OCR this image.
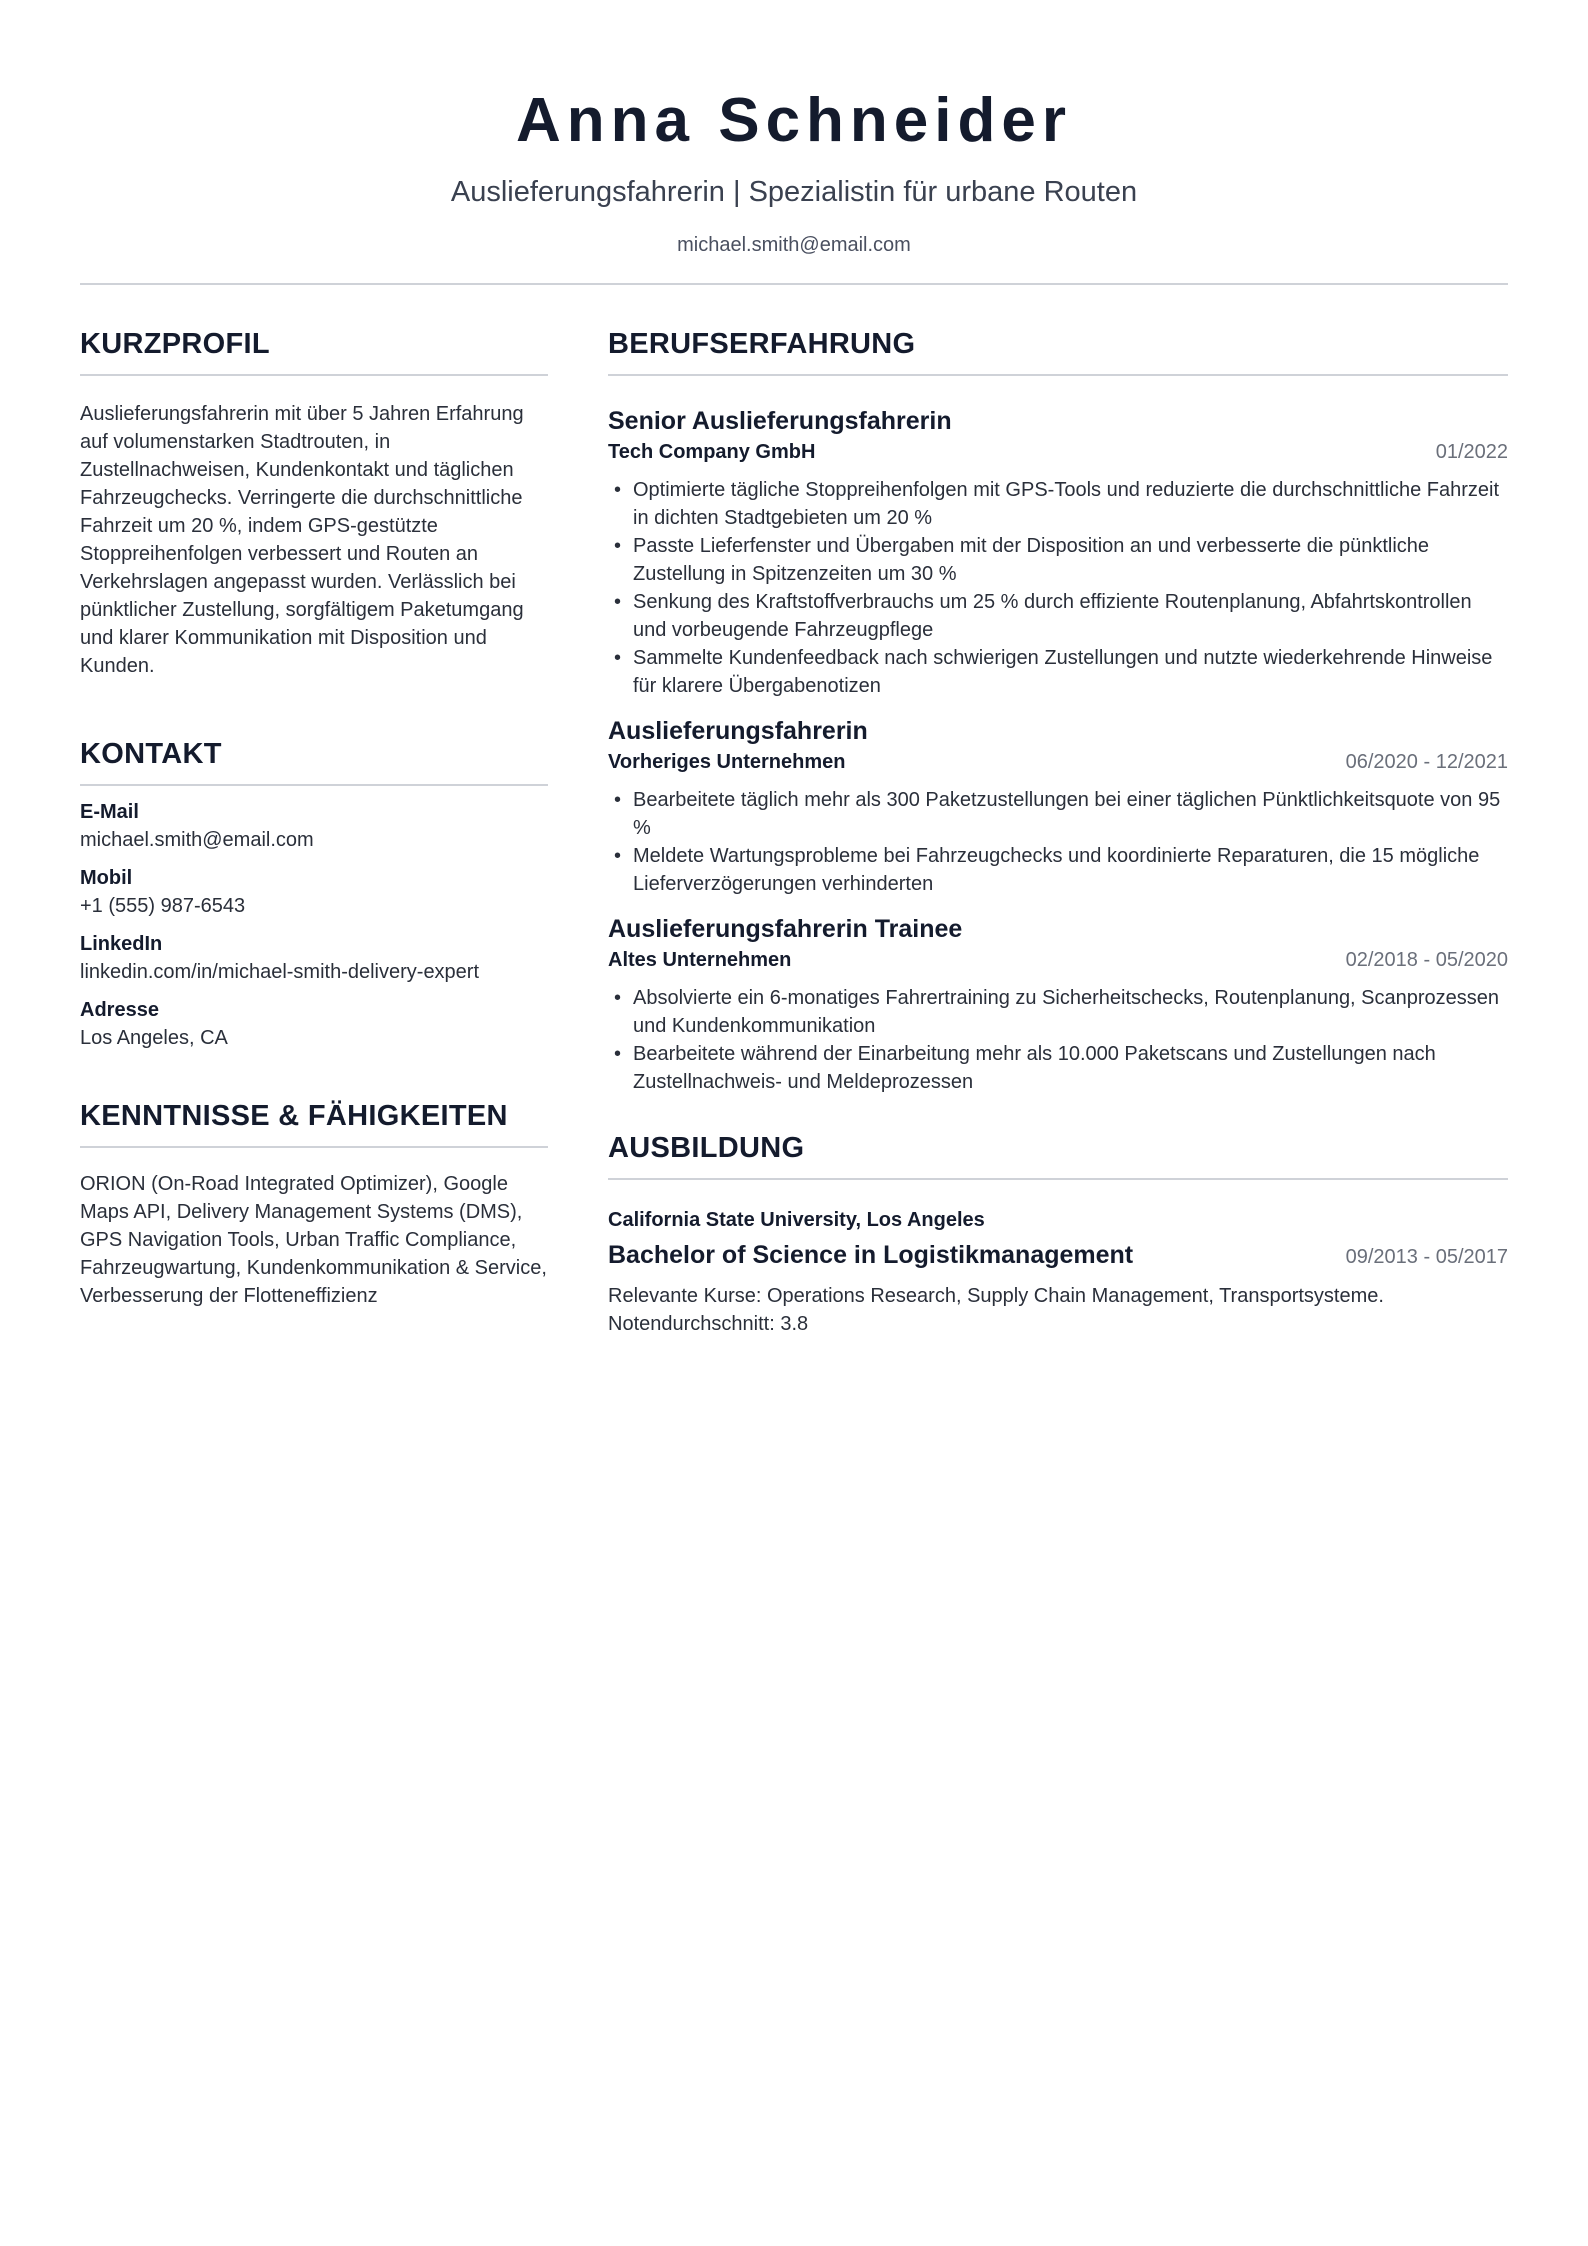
Anna Schneider
Auslieferungsfahrerin | Spezialistin für urbane Routen
michael.smith@email.com
KURZPROFIL
Auslieferungsfahrerin mit über 5 Jahren Erfahrung auf volumenstarken Stadtrouten, in Zustellnachweisen, Kundenkontakt und täglichen Fahrzeugchecks. Verringerte die durchschnittliche Fahrzeit um 20 %, indem GPS-gestützte Stoppreihenfolgen verbessert und Routen an Verkehrslagen angepasst wurden. Verlässlich bei pünktlicher Zustellung, sorgfältigem Paketumgang und klarer Kommunikation mit Disposition und Kunden.
KONTAKT
E-Mail
michael.smith@email.com
Mobil
+1 (555) 987-6543
LinkedIn
linkedin.com/in/michael-smith-delivery-expert
Adresse
Los Angeles, CA
KENNTNISSE & FÄHIGKEITEN
ORION (On-Road Integrated Optimizer), Google Maps API, Delivery Management Systems (DMS), GPS Navigation Tools, Urban Traffic Compliance, Fahrzeugwartung, Kundenkommunikation & Service, Verbesserung der Flotteneffizienz
BERUFSERFAHRUNG
Senior Auslieferungsfahrerin
Tech Company GmbH	01/2022
• Optimierte tägliche Stoppreihenfolgen mit GPS-Tools und reduzierte die durchschnittliche Fahrzeit in dichten Stadtgebieten um 20 %
• Passte Lieferfenster und Übergaben mit der Disposition an und verbesserte die pünktliche Zustellung in Spitzenzeiten um 30 %
• Senkung des Kraftstoffverbrauchs um 25 % durch effiziente Routenplanung, Abfahrtskontrollen und vorbeugende Fahrzeugpflege
• Sammelte Kundenfeedback nach schwierigen Zustellungen und nutzte wiederkehrende Hinweise für klarere Übergabenotizen
Auslieferungsfahrerin
Vorheriges Unternehmen	06/2020 - 12/2021
• Bearbeitete täglich mehr als 300 Paketzustellungen bei einer täglichen Pünktlichkeitsquote von 95 %
• Meldete Wartungsprobleme bei Fahrzeugchecks und koordinierte Reparaturen, die 15 mögliche Lieferverzögerungen verhinderten
Auslieferungsfahrerin Trainee
Altes Unternehmen	02/2018 - 05/2020
• Absolvierte ein 6-monatiges Fahrertraining zu Sicherheitschecks, Routenplanung, Scanprozessen und Kundenkommunikation
• Bearbeitete während der Einarbeitung mehr als 10.000 Paketscans und Zustellungen nach Zustellnachweis- und Meldeprozessen
AUSBILDUNG
California State University, Los Angeles
Bachelor of Science in Logistikmanagement	09/2013 - 05/2017
Relevante Kurse: Operations Research, Supply Chain Management, Transportsysteme. Notendurchschnitt: 3.8
